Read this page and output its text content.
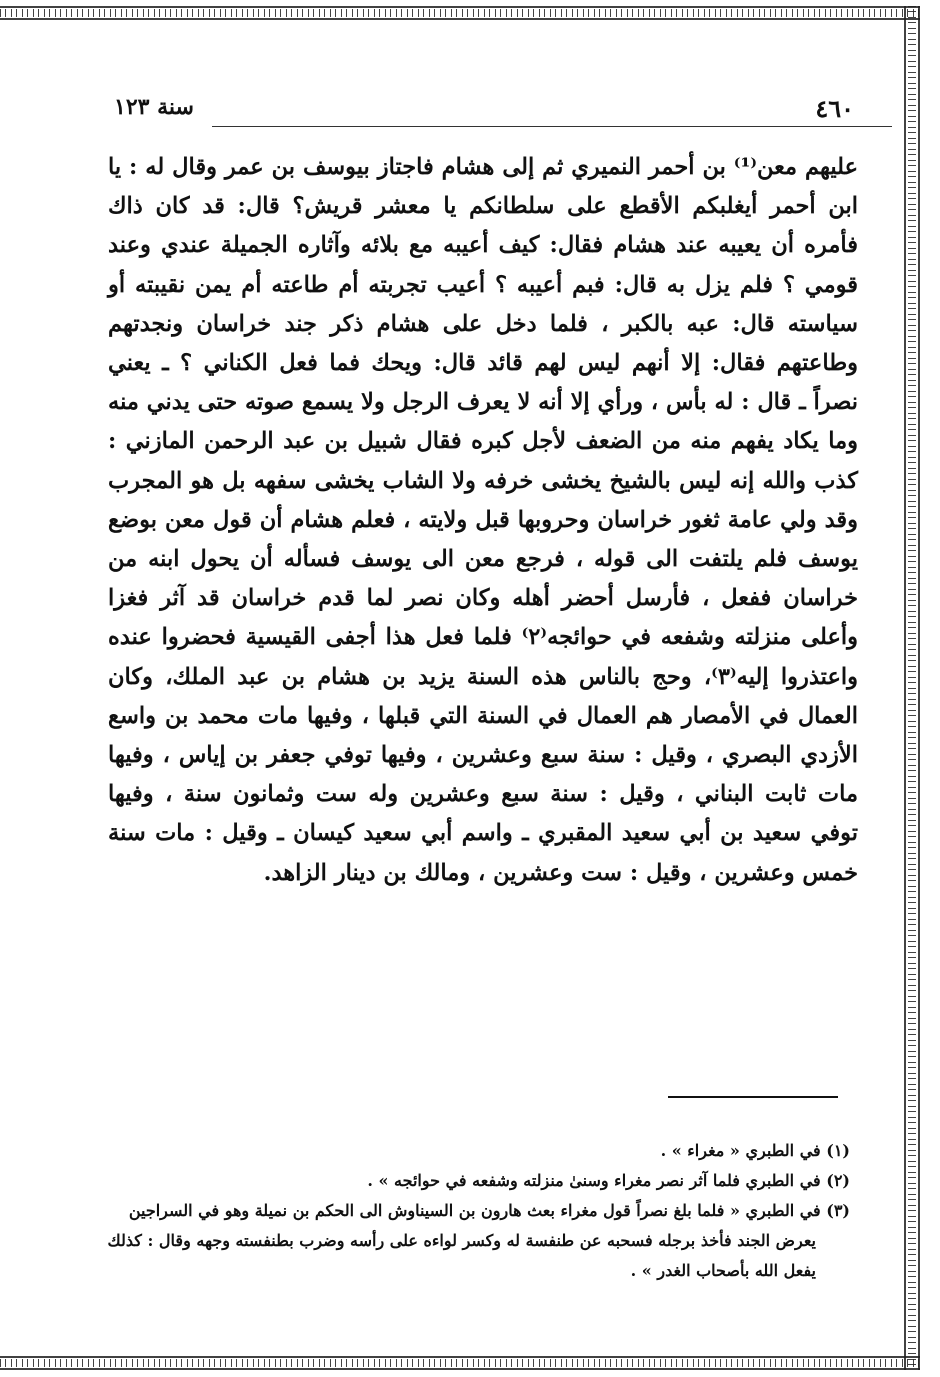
٤٦٠
سنة ١٢٣

عليهم معن⁽¹⁾ بن أحمر النميري ثم إلى هشام فاجتاز بيوسف بن عمر وقال له : يا ابن أحمر أيغلبكم الأقطع على سلطانكم يا معشر قريش؟ قال: قد كان ذاك فأمره أن يعيبه عند هشام فقال: كيف أعيبه مع بلائه وآثاره الجميلة عندي وعند قومي ؟ فلم يزل به قال: فبم أعيبه ؟ أعيب تجربته أم طاعته أم يمن نقيبته أو سياسته قال: عبه بالكبر ، فلما دخل على هشام ذكر جند خراسان ونجدتهم وطاعتهم فقال: إلا أنهم ليس لهم قائد قال: ويحك فما فعل الكناني ؟ ـ يعني نصراً ـ قال : له بأس ، ورأي إلا أنه لا يعرف الرجل ولا يسمع صوته حتى يدني منه وما يكاد يفهم منه من الضعف لأجل كبره فقال شبيل بن عبد الرحمن المازني : كذب والله إنه ليس بالشيخ يخشى خرفه ولا الشاب يخشى سفهه بل هو المجرب وقد ولي عامة ثغور خراسان وحروبها قبل ولايته ، فعلم هشام أن قول معن بوضع يوسف فلم يلتفت الى قوله ، فرجع معن الى يوسف فسأله أن يحول ابنه من خراسان ففعل ، فأرسل أحضر أهله وكان نصر لما قدم خراسان قد آثر فغزا وأعلى منزلته وشفعه في حوائجه⁽٢⁾ فلما فعل هذا أجفى القيسية فحضروا عنده واعتذروا إليه⁽٣⁾، وحج بالناس هذه السنة يزيد بن هشام بن عبد الملك، وكان العمال في الأمصار هم العمال في السنة التي قبلها ، وفيها مات محمد بن واسع الأزدي البصري ، وقيل : سنة سبع وعشرين ، وفيها توفي جعفر بن إياس ، وفيها مات ثابت البناني ، وقيل : سنة سبع وعشرين وله ست وثمانون سنة ، وفيها توفي سعيد بن أبي سعيد المقبري ـ واسم أبي سعيد كيسان ـ وقيل : مات سنة خمس وعشرين ، وقيل : ست وعشرين ، ومالك بن دينار الزاهد.

(١) في الطبري « مغراء » .

(٢) في الطبري فلما آثر نصر مغراء وسنىٰ منزلته وشفعه في حوائجه » .

(٣) في الطبري « فلما بلغ نصراً قول مغراء بعث هارون بن السيناوش الى الحكم بن نميلة وهو في السراجين

يعرض الجند فأخذ برجله فسحبه عن طنفسة له وكسر لواءه على رأسه وضرب بطنفسته وجهه وقال : كذلك

يفعل الله بأصحاب الغدر » .
